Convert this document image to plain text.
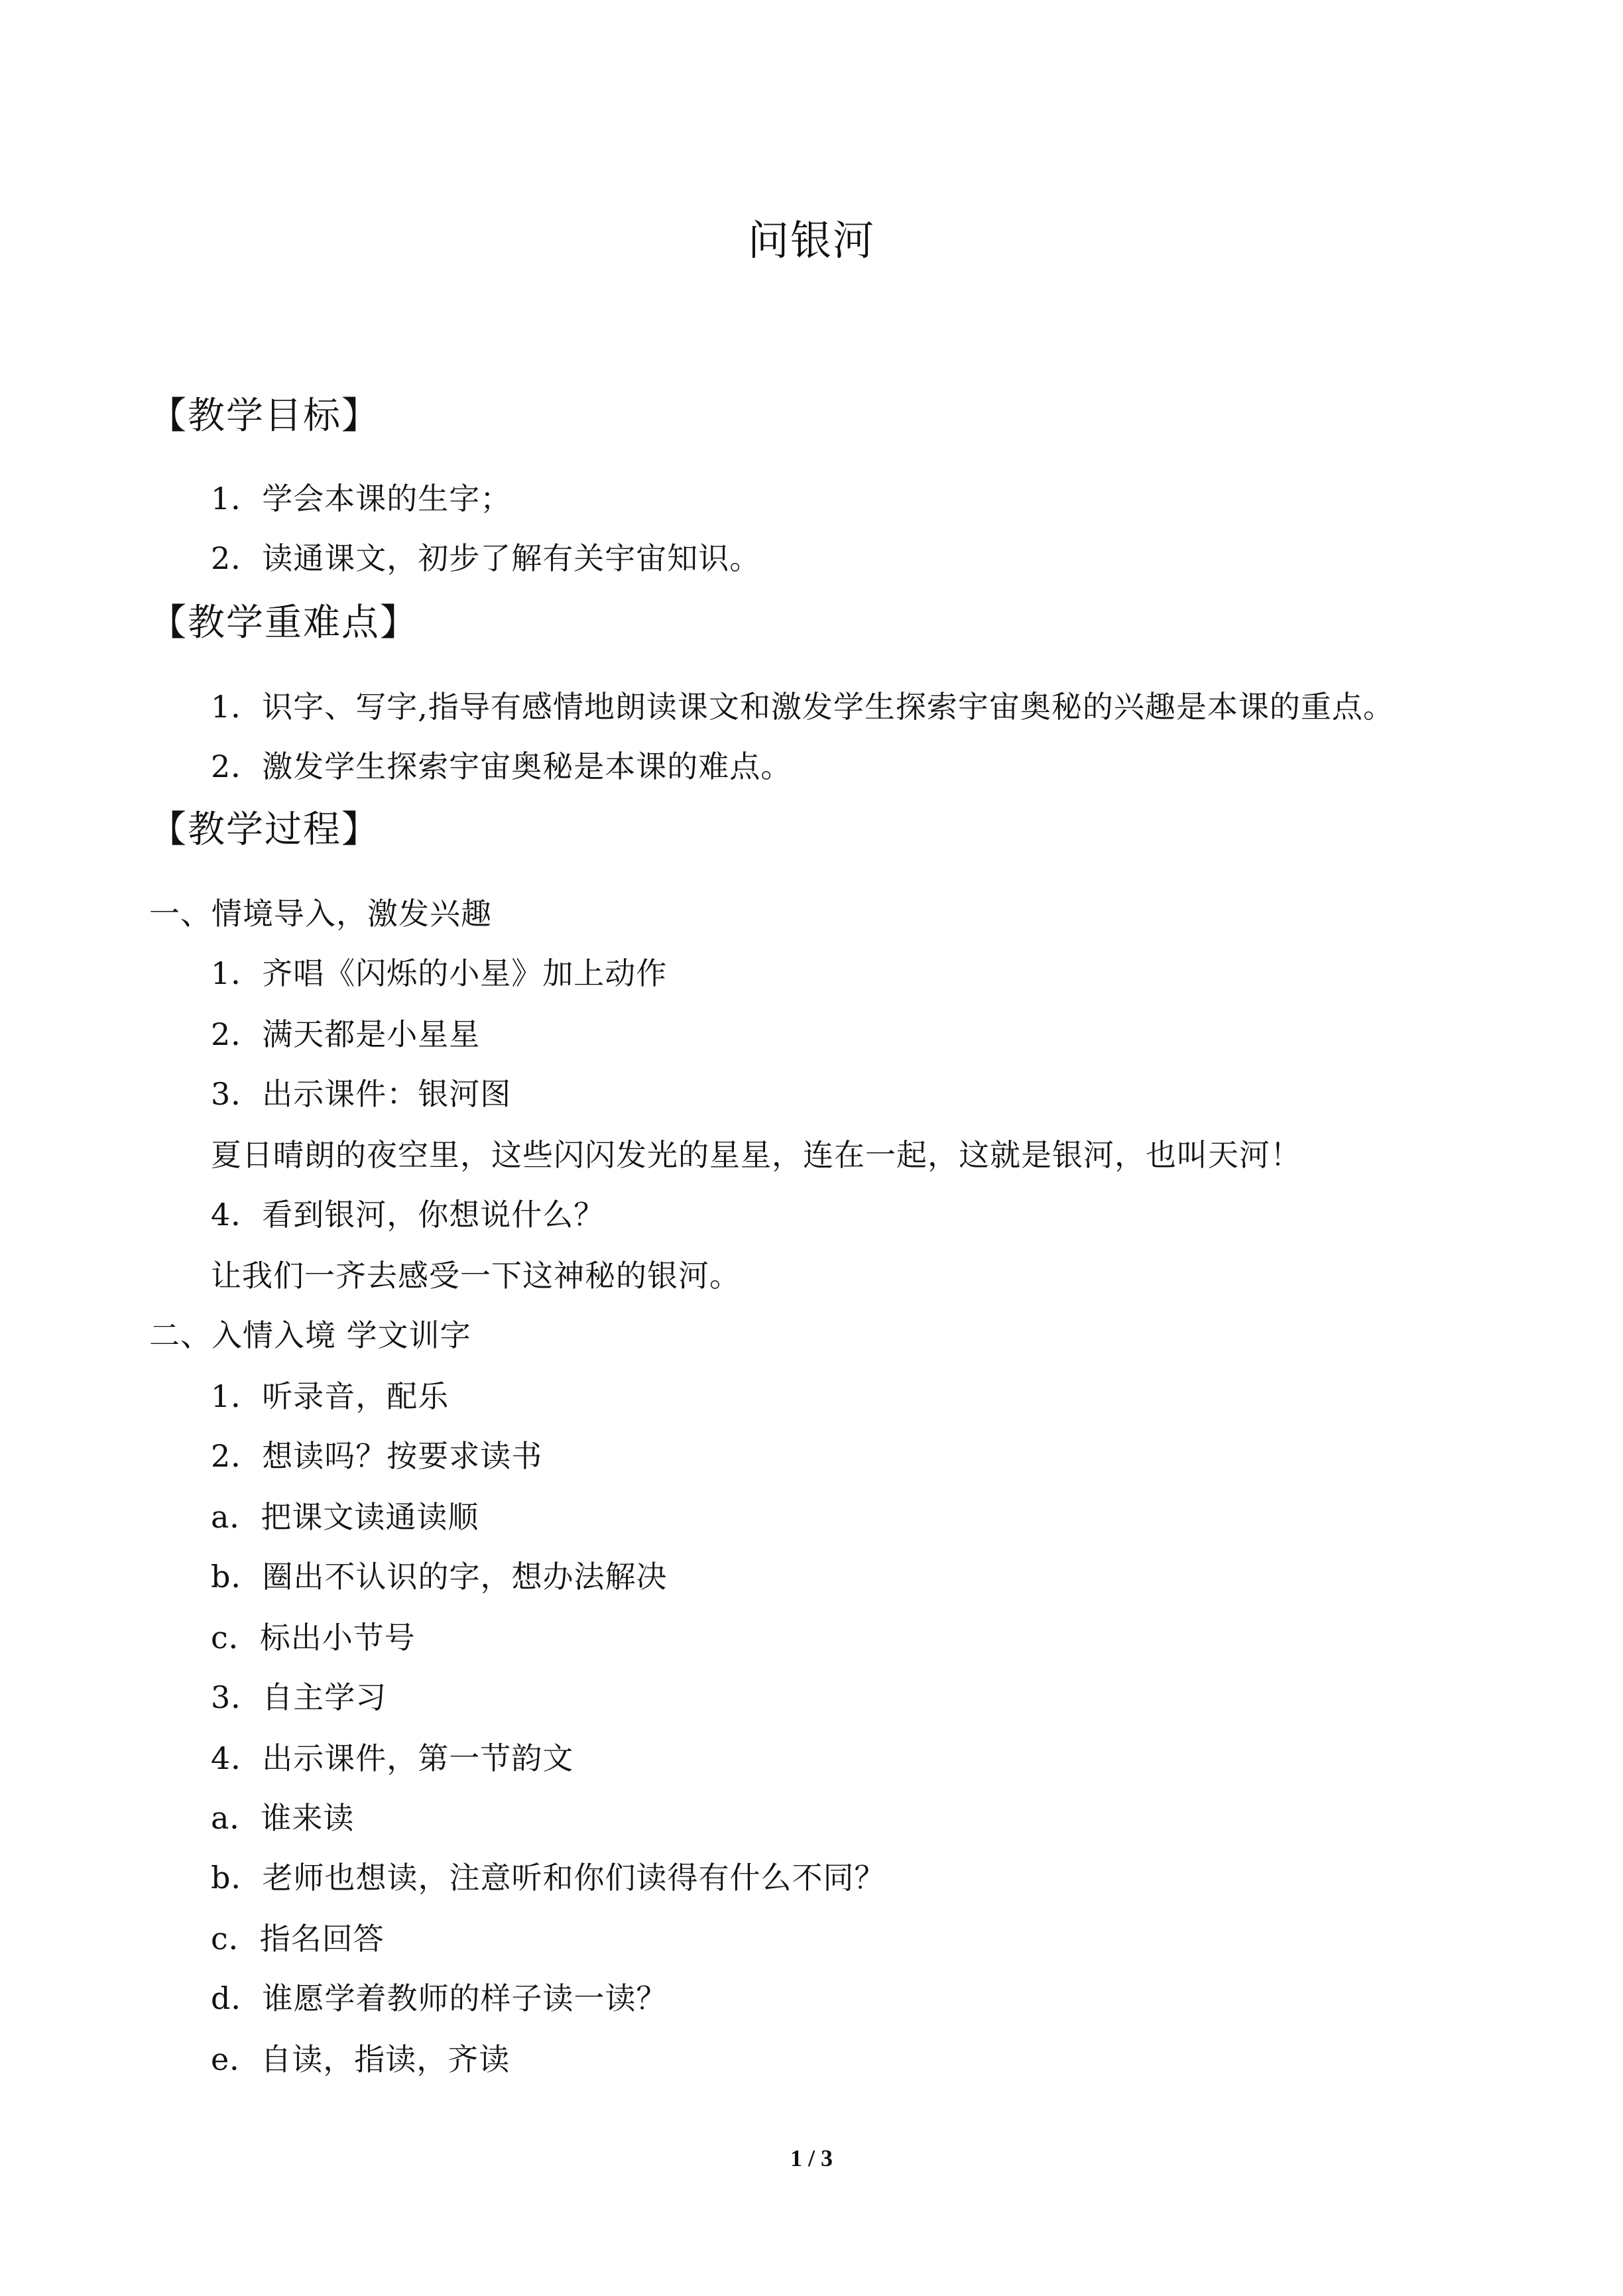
问银河
【教学目标】
1．学会本课的生字；
2．读通课文，初步了解有关宇宙知识。
【教学重难点】
1．识字、写字,指导有感情地朗读课文和激发学生探索宇宙奥秘的兴趣是本课的重点。
2．激发学生探索宇宙奥秘是本课的难点。
【教学过程】
一、情境导入，激发兴趣
1．齐唱《闪烁的小星》加上动作
2．满天都是小星星
3．出示课件：银河图
夏日晴朗的夜空里，这些闪闪发光的星星，连在一起，这就是银河，也叫天河！
4．看到银河，你想说什么？
让我们一齐去感受一下这神秘的银河。
二、入情入境 学文训字
1．听录音，配乐
2．想读吗？按要求读书
a．把课文读通读顺
b．圈出不认识的字，想办法解决
c．标出小节号
3．自主学习
4．出示课件，第一节韵文
a．谁来读
b．老师也想读，注意听和你们读得有什么不同？
c．指名回答
d．谁愿学着教师的样子读一读？
e．自读，指读，齐读
1 / 3
